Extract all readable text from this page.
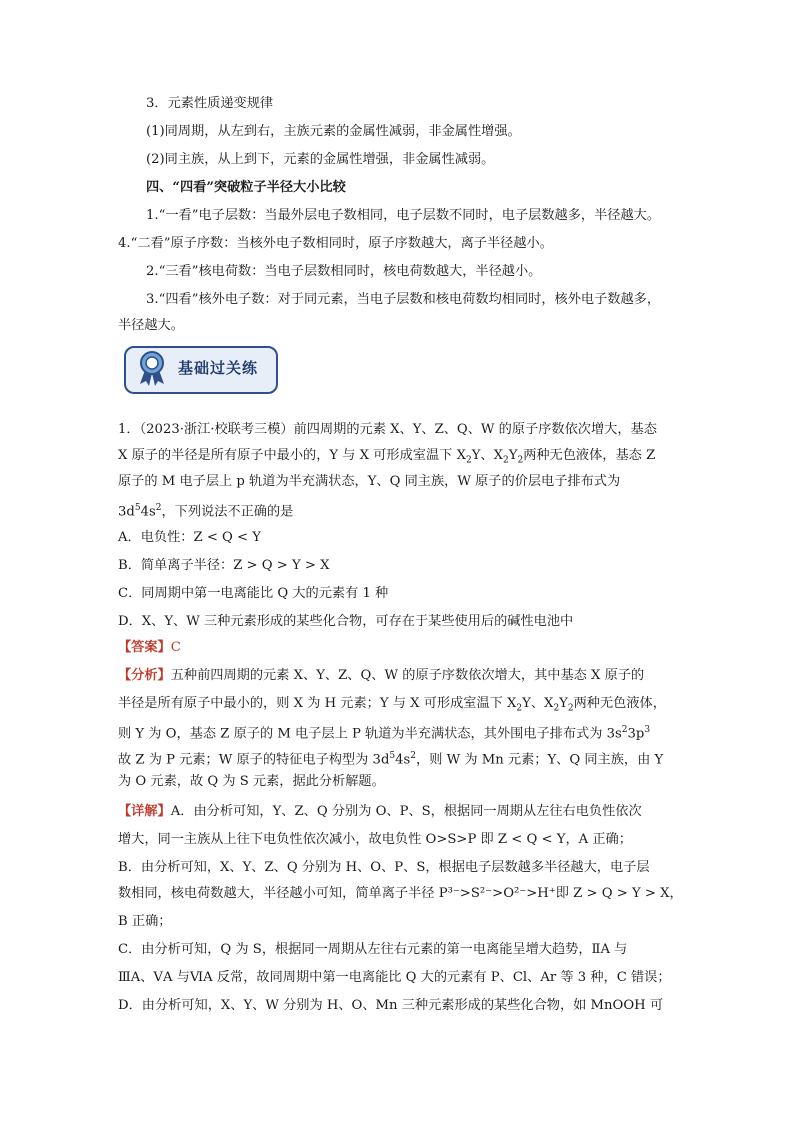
3．元素性质递变规律
(1)同周期，从左到右，主族元素的金属性减弱，非金属性增强。
(2)同主族，从上到下，元素的金属性增强，非金属性减弱。
四、“四看”突破粒子半径大小比较
1.“一看”电子层数：当最外层电子数相同，电子层数不同时，电子层数越多，半径越大。
4.“二看”原子序数：当核外电子数相同时，原子序数越大，离子半径越小。
2.“三看”核电荷数：当电子层数相同时，核电荷数越大，半径越小。
3.“四看”核外电子数：对于同元素，当电子层数和核电荷数均相同时，核外电子数越多，
半径越大。
基础过关练
1．（2023·浙江·校联考三模）前四周期的元素 X、Y、Z、Q、W 的原子序数依次增大，基态
X 原子的半径是所有原子中最小的，Y 与 X 可形成室温下 $X_2Y$、$X_2Y_2$两种无色液体，基态 Z
原子的 M 电子层上 p 轨道为半充满状态，Y、Q 同主族，W 原子的价层电子排布式为
$3d^54s^2$，下列说法不正确的是
A．电负性：Z < Q < Y
B．简单离子半径：Z > Q > Y > X
C．同周期中第一电离能比 Q 大的元素有 1 种
D．X、Y、W 三种元素形成的某些化合物，可存在于某些使用后的碱性电池中
【答案】C
【分析】五种前四周期的元素 X、Y、Z、Q、W 的原子序数依次增大，其中基态 X 原子的
半径是所有原子中最小的，则 X 为 H 元素；Y 与 X 可形成室温下 $X_2Y$、$X_2Y_2$两种无色液体，
则 Y 为 O，基态 Z 原子的 M 电子层上 P 轨道为半充满状态，其外围电子排布式为 $3s^23p^3$
故 Z 为 P 元素；W 原子的特征电子构型为 $3d^54s^2$，则 W 为 Mn 元素；Y、Q 同主族，由 Y
为 O 元素，故 Q 为 S 元素，据此分析解题。
【详解】A．由分析可知，Y、Z、Q 分别为 O、P、S，根据同一周期从左往右电负性依次
增大，同一主族从上往下电负性依次减小，故电负性 O>S>P 即 Z < Q < Y，A 正确；
B．由分析可知，X、Y、Z、Q 分别为 H、O、P、S，根据电子层数越多半径越大，电子层
数相同，核电荷数越大，半径越小可知，简单离子半径 P³⁻>S²⁻>O²⁻>H⁺即 Z > Q > Y > X，
B 正确；
C．由分析可知，Q 为 S，根据同一周期从左往右元素的第一电离能呈增大趋势，ⅡA 与
ⅢA、ⅤA 与ⅥA 反常，故同周期中第一电离能比 Q 大的元素有 P、Cl、Ar 等 3 种，C 错误；
D．由分析可知，X、Y、W 分别为 H、O、Mn 三种元素形成的某些化合物，如 MnOOH 可
